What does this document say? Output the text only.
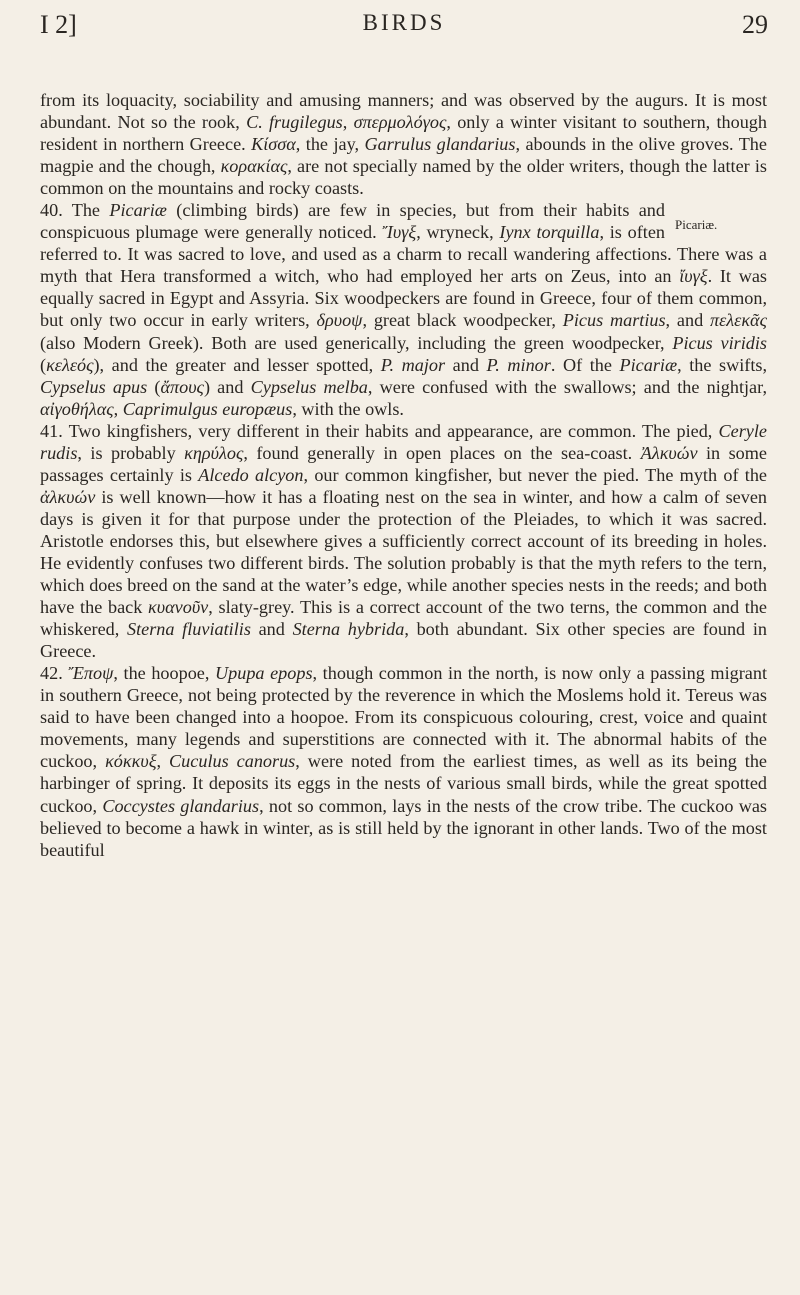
I 2]	BIRDS	29

from its loquacity, sociability and amusing manners; and was observed by the augurs. It is most abundant. Not so the rook, C. frugilegus, σπερμολόγος, only a winter visitant to southern, though resident in northern Greece. Κίσσα, the jay, Garrulus glandarius, abounds in the olive groves. The magpie and the chough, κορακίας, are not specially named by the older writers, though the latter is common on the mountains and rocky coasts.

Picariæ.
40. The Picariæ (climbing birds) are few in species, but from their habits and conspicuous plumage were generally noticed. Ἴυγξ, wryneck, Iynx torquilla, is often referred to. It was sacred to love, and used as a charm to recall wandering affections. There was a myth that Hera transformed a witch, who had employed her arts on Zeus, into an ἴυγξ. It was equally sacred in Egypt and Assyria. Six woodpeckers are found in Greece, four of them common, but only two occur in early writers, δρυοψ, great black woodpecker, Picus martius, and πελεκᾶς (also Modern Greek). Both are used generically, including the green woodpecker, Picus viridis (κελεός), and the greater and lesser spotted, P. major and P. minor. Of the Picariæ, the swifts, Cypselus apus (ἄπους) and Cypselus melba, were confused with the swallows; and the nightjar, αἰγοθήλας, Caprimulgus europæus, with the owls.

41. Two kingfishers, very different in their habits and appearance, are common. The pied, Ceryle rudis, is probably κηρύλος, found generally in open places on the sea-coast. Ἀλκυών in some passages certainly is Alcedo alcyon, our common kingfisher, but never the pied. The myth of the ἀλκυών is well known—how it has a floating nest on the sea in winter, and how a calm of seven days is given it for that purpose under the protection of the Pleiades, to which it was sacred. Aristotle endorses this, but elsewhere gives a sufficiently correct account of its breeding in holes. He evidently confuses two different birds. The solution probably is that the myth refers to the tern, which does breed on the sand at the water’s edge, while another species nests in the reeds; and both have the back κυανοῦν, slaty-grey. This is a correct account of the two terns, the common and the whiskered, Sterna fluviatilis and Sterna hybrida, both abundant. Six other species are found in Greece.

42. Ἔποψ, the hoopoe, Upupa epops, though common in the north, is now only a passing migrant in southern Greece, not being protected by the reverence in which the Moslems hold it. Tereus was said to have been changed into a hoopoe. From its conspicuous colouring, crest, voice and quaint movements, many legends and superstitions are connected with it. The abnormal habits of the cuckoo, κόκκυξ, Cuculus canorus, were noted from the earliest times, as well as its being the harbinger of spring. It deposits its eggs in the nests of various small birds, while the great spotted cuckoo, Coccystes glandarius, not so common, lays in the nests of the crow tribe. The cuckoo was believed to become a hawk in winter, as is still held by the ignorant in other lands. Two of the most beautiful
